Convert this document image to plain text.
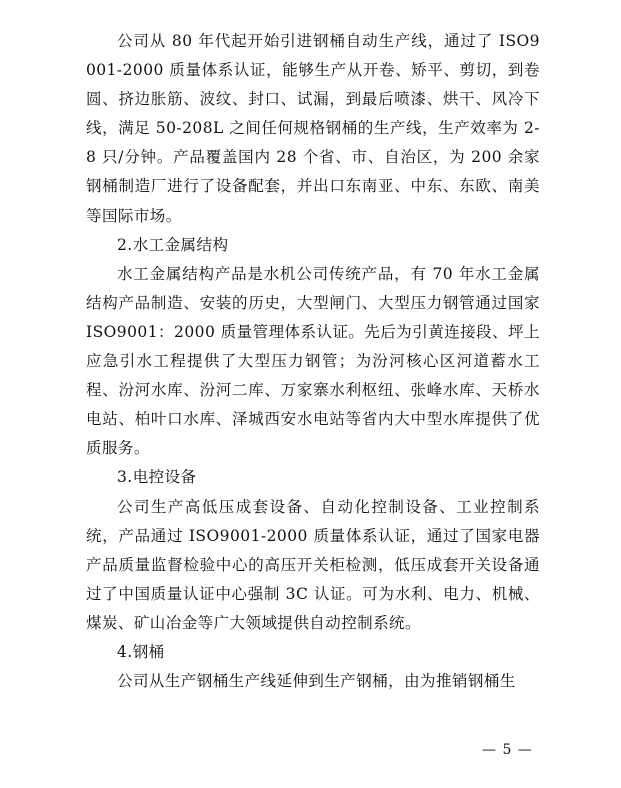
公司从 80 年代起开始引进钢桶自动生产线，通过了 ISO9001-2000 质量体系认证，能够生产从开卷、矫平、剪切，到卷圆、挤边胀筋、波纹、封口、试漏，到最后喷漆、烘干、风冷下线，满足 50-208L 之间任何规格钢桶的生产线，生产效率为 2-8 只/分钟。产品覆盖国内 28 个省、市、自治区，为 200 余家钢桶制造厂进行了设备配套，并出口东南亚、中东、东欧、南美等国际市场。

2.水工金属结构

水工金属结构产品是水机公司传统产品，有 70 年水工金属结构产品制造、安装的历史，大型闸门、大型压力钢管通过国家 ISO9001：2000 质量管理体系认证。先后为引黄连接段、坪上应急引水工程提供了大型压力钢管；为汾河核心区河道蓄水工程、汾河水库、汾河二库、万家寨水利枢纽、张峰水库、天桥水电站、柏叶口水库、泽城西安水电站等省内大中型水库提供了优质服务。

3.电控设备

公司生产高低压成套设备、自动化控制设备、工业控制系统，产品通过 ISO9001-2000 质量体系认证，通过了国家电器产品质量监督检验中心的高压开关柜检测，低压成套开关设备通过了中国质量认证中心强制 3C 认证。可为水利、电力、机械、煤炭、矿山冶金等广大领域提供自动控制系统。

4.钢桶

公司从生产钢桶生产线延伸到生产钢桶，由为推销钢桶生

— 5 —
